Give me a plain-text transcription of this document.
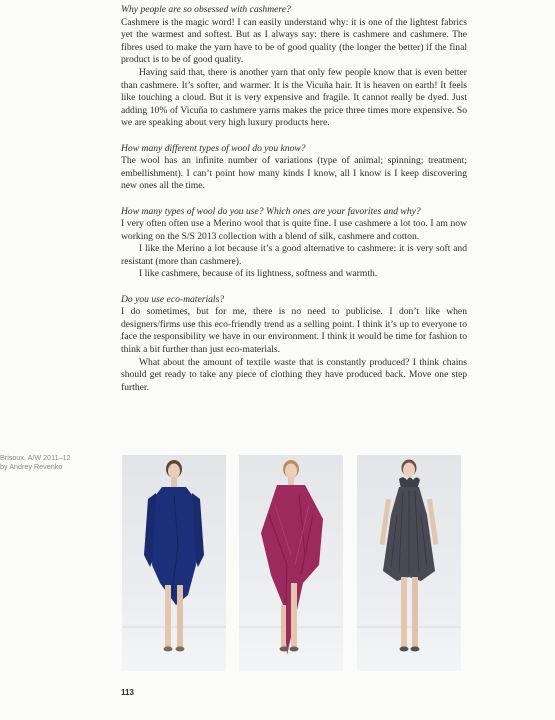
Why people are so obsessed with cashmere?

Cashmere is the magic word! I can easily understand why: it is one of the lightest fabrics yet the warmest and softest. But as I always say: there is cashmere and cashmere. The fibres used to make the yarn have to be of good quality (the longer the better) if the final product is to be of good quality.

Having said that, there is another yarn that only few people know that is even better than cashmere. It’s softer, and warmer. It is the Vicuña hair. It is heaven on earth! It feels like touching a cloud. But it is very expensive and fragile. It cannot really be dyed. Just adding 10% of Vicuña to cashmere yarns makes the price three times more expensive. So we are speaking about very high luxury products here.

How many different types of wool do you know?

The wool has an infinite number of variations (type of animal; spinning; treatment; embellishment). I can’t point how many kinds I know, all I know is I keep discovering new ones all the time.

How many types of wool do you use? Which ones are your favorites and why?

I very often often use a Merino wool that is quite fine. I use cashmere a lot too. I am now working on the S/S 2013 collection with a blend of silk, cashmere and cotton.

I like the Merino a lot because it’s a good alternative to cashmere: it is very soft and resistant (more than cashmere).

I like cashmere, because of its lightness, softness and warmth.

Do you use eco-materials?

I do sometimes, but for me, there is no need to publicise. I don’t like when designers/firms use this eco-friendly trend as a selling point. I think it’s up to everyone to face the responsibility we have in our environment. I think it would be time for fashion to think a bit further than just eco-materials.

What about the amount of textile waste that is constantly produced? I think chains should get ready to take any piece of clothing they have produced back. Move one step further.

Brisoux, A/W 2011–12
by Andrey Revenko
113
